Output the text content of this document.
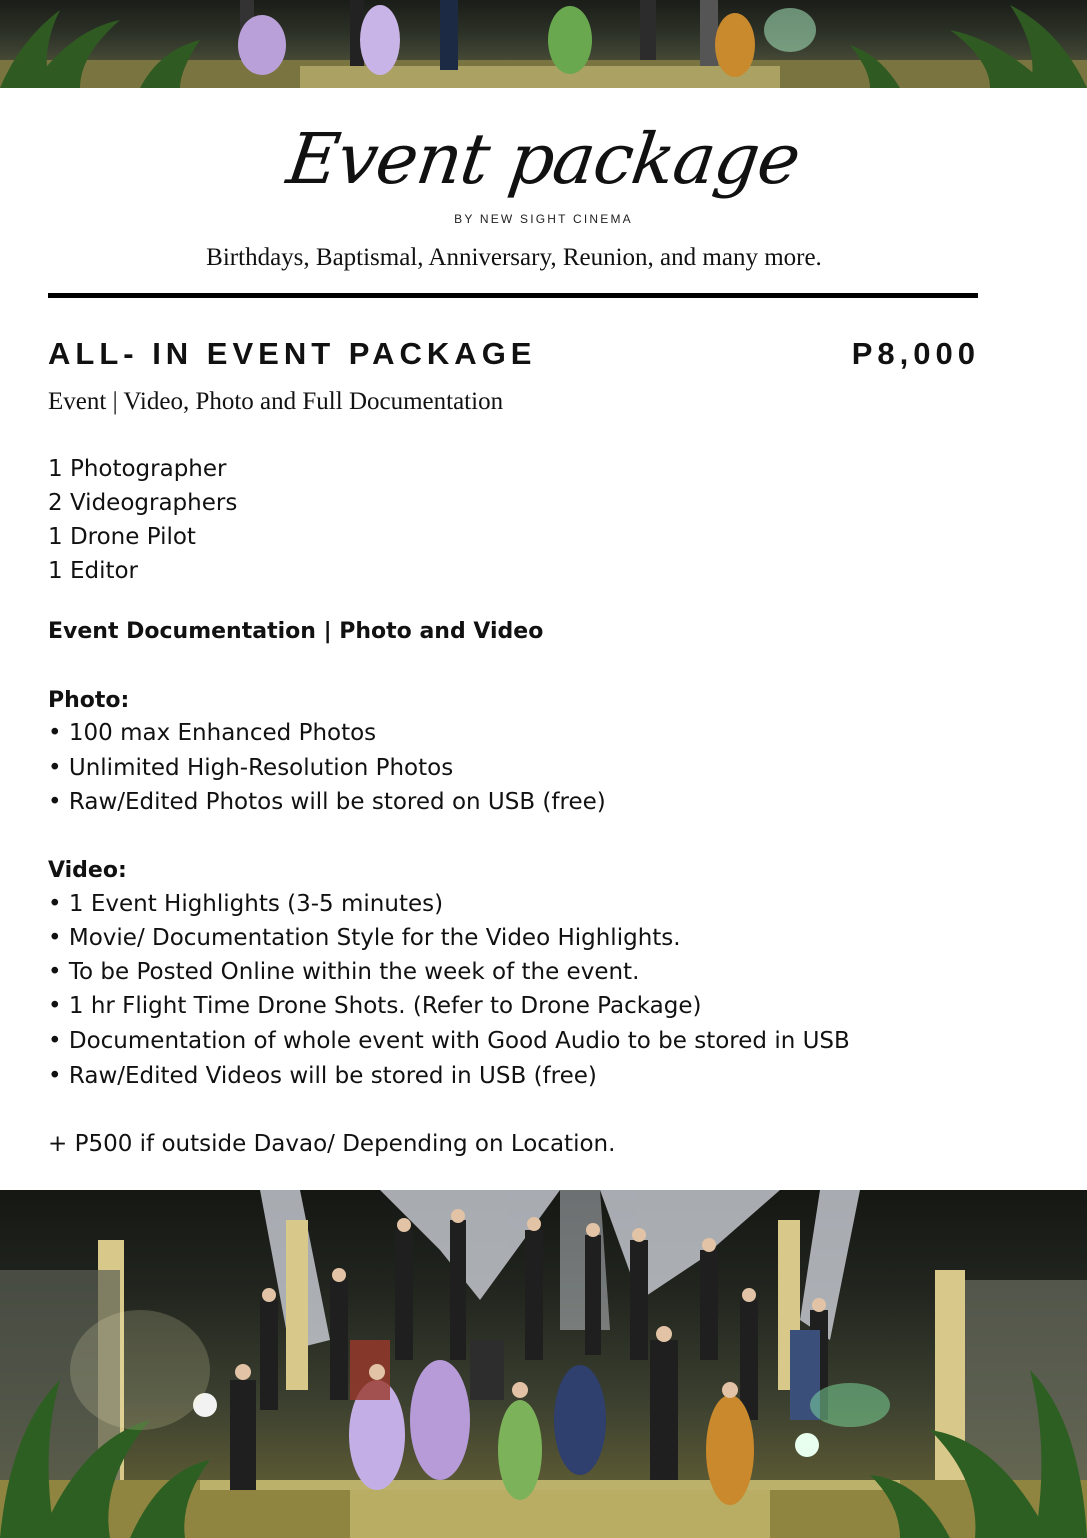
Event package
BY NEW SIGHT CINEMA
Birthdays, Baptismal, Anniversary, Reunion, and many more.
ALL- IN EVENT PACKAGE	P8,000
Event | Video, Photo and Full Documentation
1 Photographer
2 Videographers
1 Drone Pilot
1 Editor
Event Documentation | Photo and Video
Photo:
• 100 max Enhanced Photos
• Unlimited High-Resolution Photos
• Raw/Edited Photos will be stored on USB (free)
Video:
• 1 Event Highlights (3-5 minutes)
• Movie/ Documentation Style for the Video Highlights.
• To be Posted Online within the week of the event.
• 1 hr Flight Time Drone Shots. (Refer to Drone Package)
• Documentation of whole event with Good Audio to be stored in USB
• Raw/Edited Videos will be stored in USB (free)
+ P500 if outside Davao/ Depending on Location.
